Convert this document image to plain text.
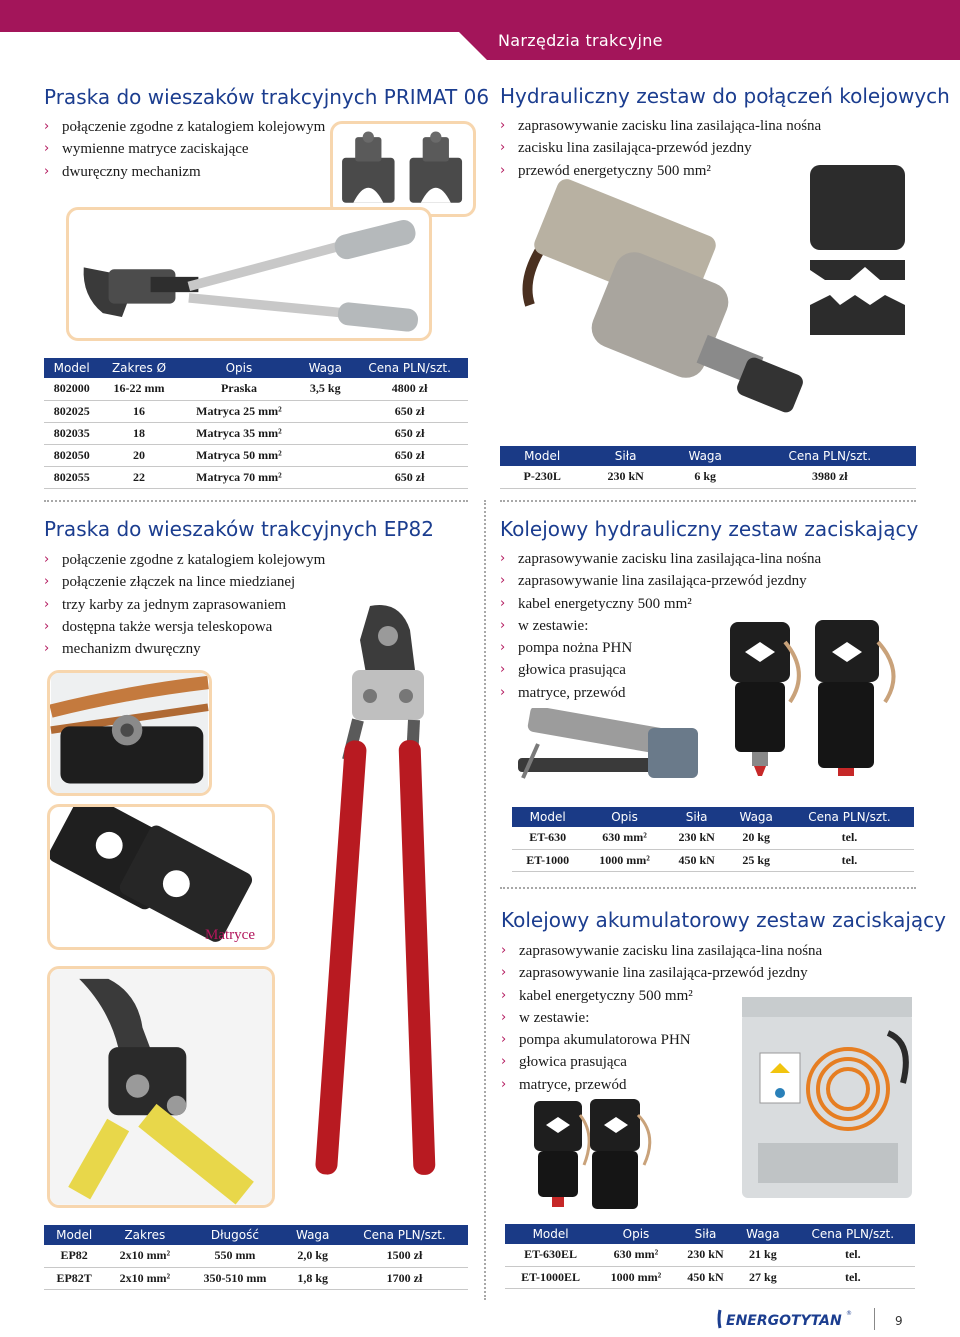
Narzędzia trakcyjne
Praska do wieszaków trakcyjnych PRIMAT 06
› połączenie zgodne z katalogiem kolejowym
› wymienne matryce zaciskające
› dwuręczny mechanizm
Model	Zakres Ø	Opis	Waga	Cena PLN/szt.
802000	16-22 mm	Praska	3,5 kg	4800 zł
802025	16	Matryca 25 mm²		650 zł
802035	18	Matryca 35 mm²		650 zł
802050	20	Matryca 50 mm²		650 zł
802055	22	Matryca 70 mm²		650 zł
Hydrauliczny zestaw do połączeń kolejowych
› zaprasowywanie zacisku lina zasilająca-lina nośna
› zacisku lina zasilająca-przewód jezdny
› przewód energetyczny 500 mm²
Model	Siła	Waga	Cena PLN/szt.
P-230L	230 kN	6 kg	3980 zł
Praska do wieszaków trakcyjnych EP82
› połączenie zgodne z katalogiem kolejowym
› połączenie złączek na lince miedzianej
› trzy karby za jednym zaprasowaniem
› dostępna także wersja teleskopowa
› mechanizm dwuręczny
Matryce
Model	Zakres	Długość	Waga	Cena PLN/szt.
EP82	2x10 mm²	550 mm	2,0 kg	1500 zł
EP82T	2x10 mm²	350-510 mm	1,8 kg	1700 zł
Kolejowy hydrauliczny zestaw zaciskający
› zaprasowywanie zacisku lina zasilająca-lina nośna
› zaprasowywanie lina zasilająca-przewód jezdny
› kabel energetyczny 500 mm²
› w zestawie:
› pompa nożna PHN
› głowica prasująca
› matryce, przewód
Model	Opis	Siła	Waga	Cena PLN/szt.
ET-630	630 mm²	230 kN	20 kg	tel.
ET-1000	1000 mm²	450 kN	25 kg	tel.
Kolejowy akumulatorowy zestaw zaciskający
› zaprasowywanie zacisku lina zasilająca-lina nośna
› zaprasowywanie lina zasilająca-przewód jezdny
› kabel energetyczny 500 mm²
› w zestawie:
› pompa akumulatorowa PHN
› głowica prasująca
› matryce, przewód
Model	Opis	Siła	Waga	Cena PLN/szt.
ET-630EL	630 mm²	230 kN	21 kg	tel.
ET-1000EL	1000 mm²	450 kN	27 kg	tel.
ENERGOTYTAN ®
9
